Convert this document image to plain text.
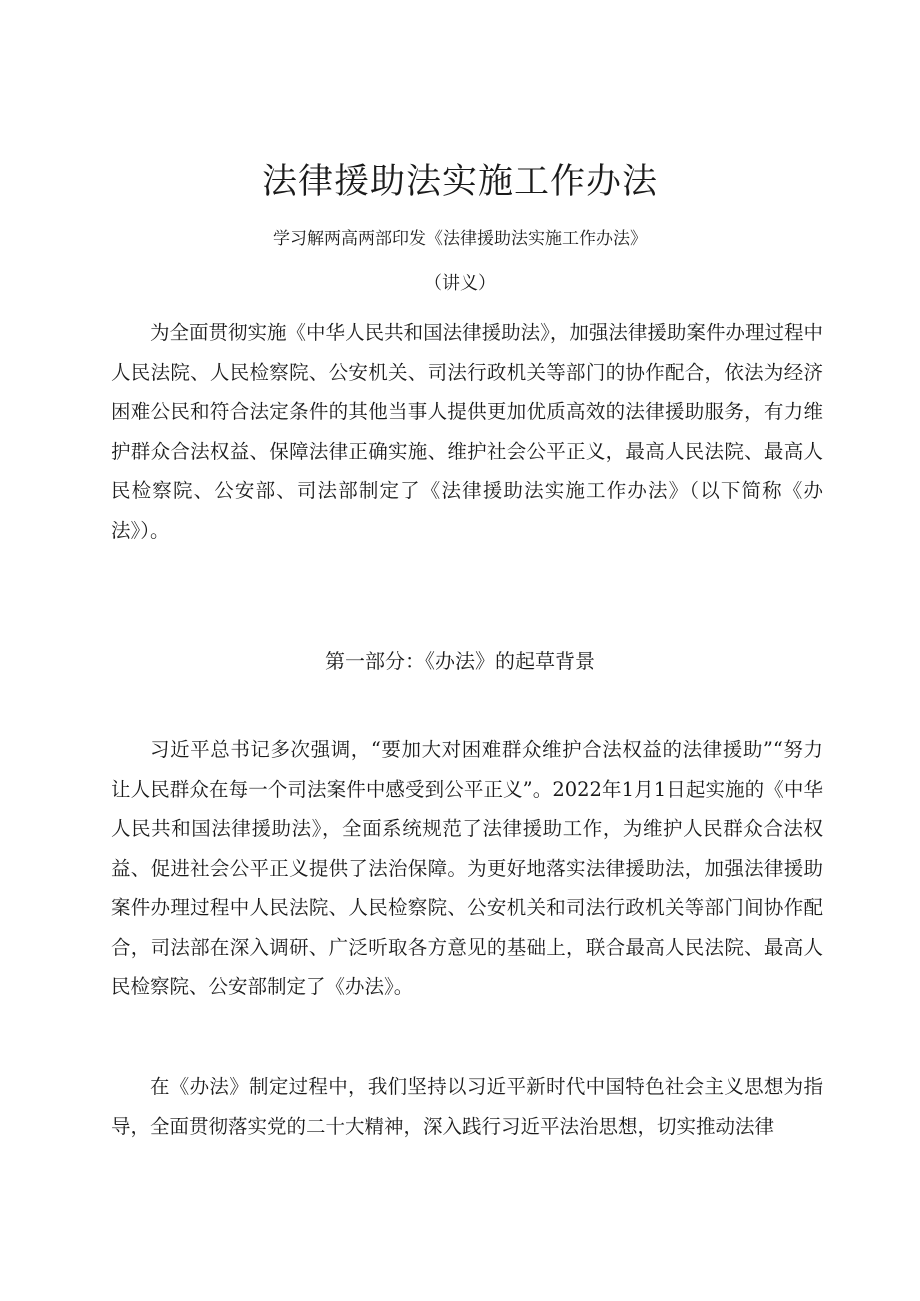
法律援助法实施工作办法

学习解两高两部印发《法律援助法实施工作办法》

（讲义）

为全面贯彻实施《中华人民共和国法律援助法》，加强法律援助案件办理过程中人民法院、人民检察院、公安机关、司法行政机关等部门的协作配合，依法为经济困难公民和符合法定条件的其他当事人提供更加优质高效的法律援助服务，有力维护群众合法权益、保障法律正确实施、维护社会公平正义，最高人民法院、最高人民检察院、公安部、司法部制定了《法律援助法实施工作办法》（以下简称《办法》）。

第一部分：《办法》的起草背景

习近平总书记多次强调，“要加大对困难群众维护合法权益的法律援助”“努力让人民群众在每一个司法案件中感受到公平正义”。2022年1月1日起实施的《中华人民共和国法律援助法》，全面系统规范了法律援助工作，为维护人民群众合法权益、促进社会公平正义提供了法治保障。为更好地落实法律援助法，加强法律援助案件办理过程中人民法院、人民检察院、公安机关和司法行政机关等部门间协作配合，司法部在深入调研、广泛听取各方意见的基础上，联合最高人民法院、最高人民检察院、公安部制定了《办法》。

在《办法》制定过程中，我们坚持以习近平新时代中国特色社会主义思想为指导，全面贯彻落实党的二十大精神，深入践行习近平法治思想，切实推动法律
